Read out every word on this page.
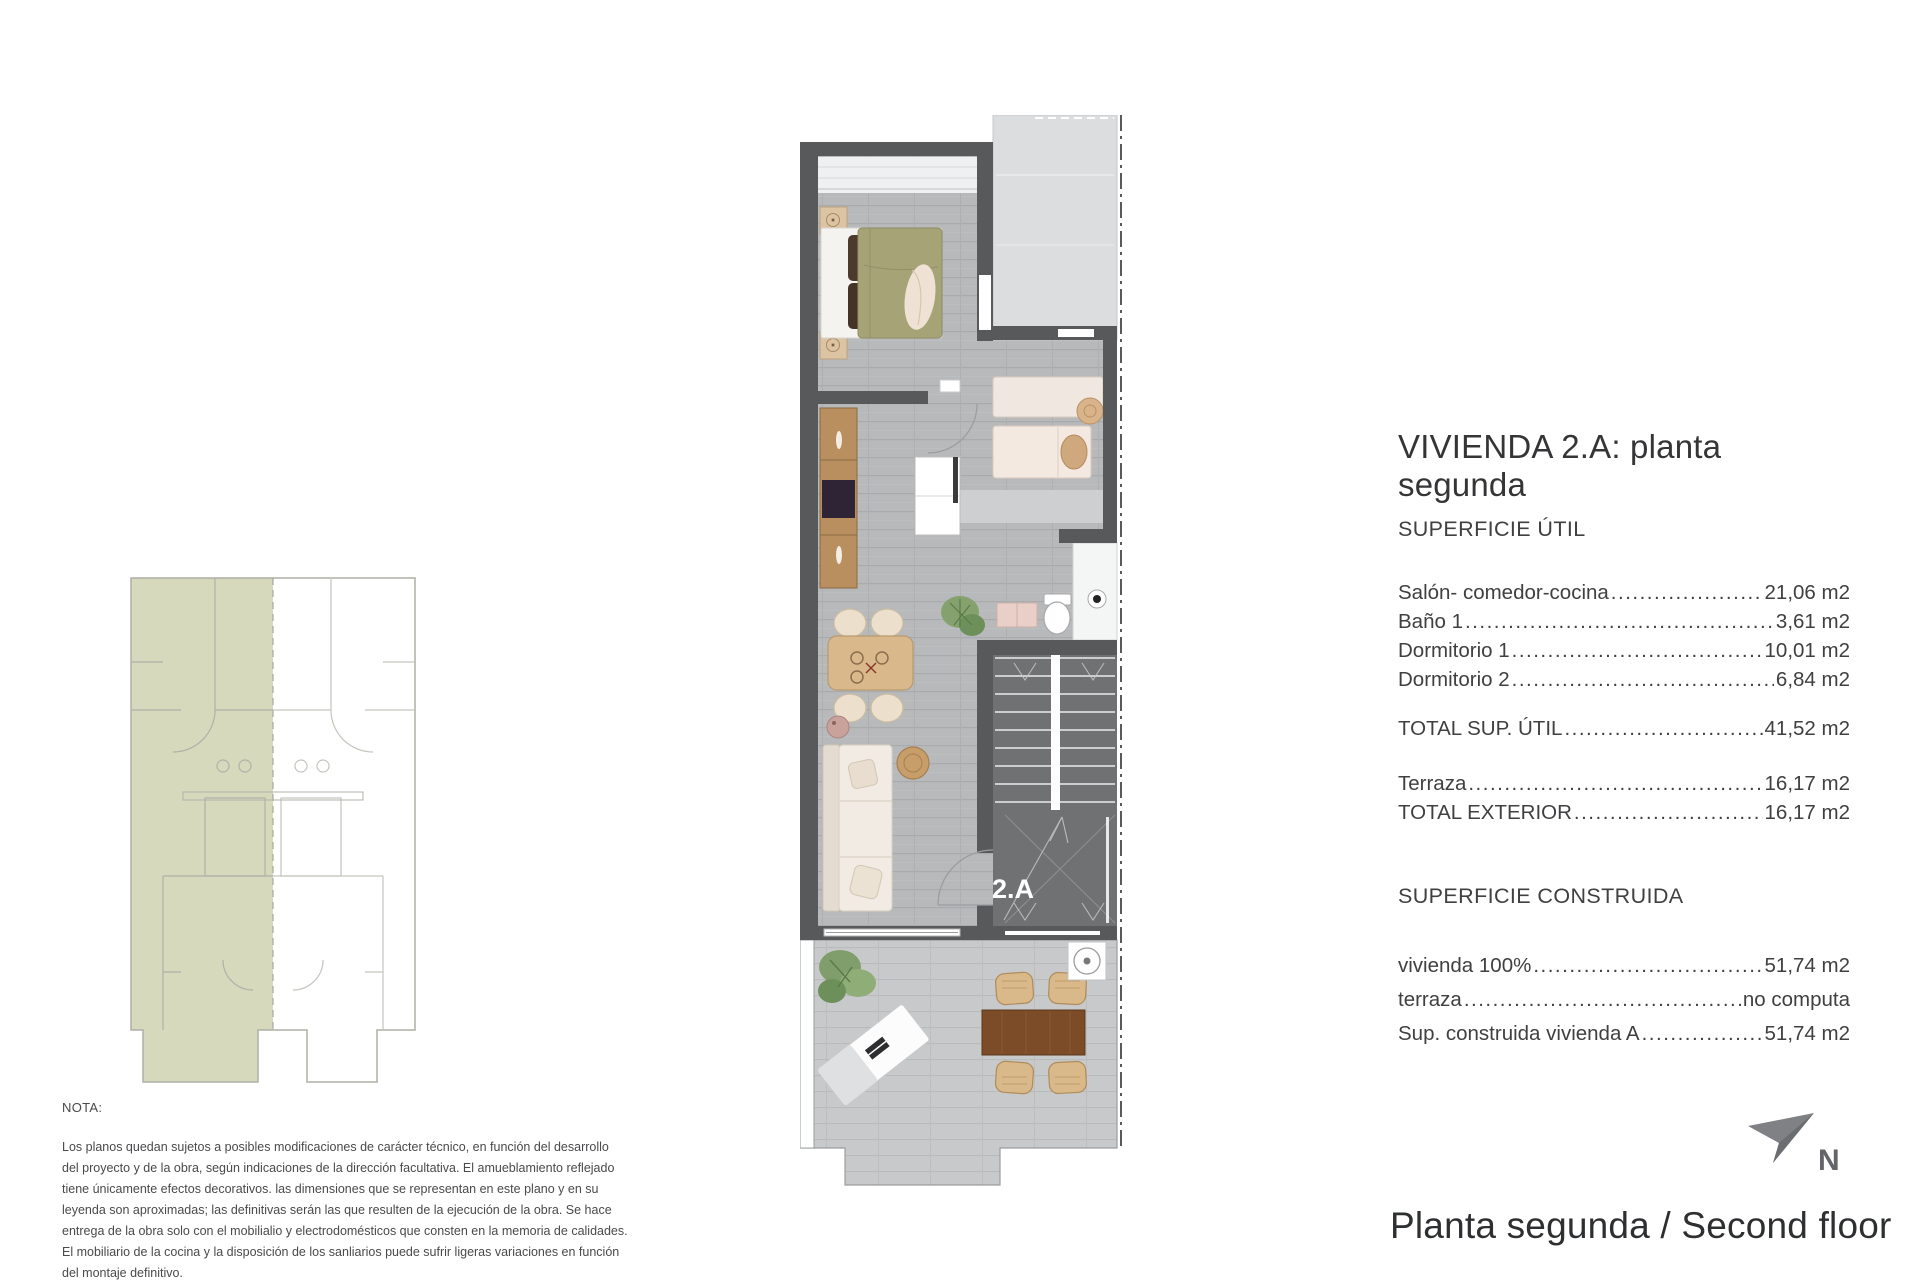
NOTA:
Los planos quedan sujetos a posibles modificaciones de carácter técnico, en función del desarrollo
del proyecto y de la obra, según indicaciones de la dirección facultativa. El amueblamiento reflejado
tiene únicamente efectos decorativos. las dimensiones que se representan en este plano y en su
leyenda son aproximadas; las definitivas serán las que resulten de la ejecución de la obra. Se hace
entrega de la obra solo con el mobilialio y electrodomésticos que consten en la memoria de calidades.
El mobiliario de la cocina y la disposición de los sanliarios puede sufrir ligeras variaciones en función
del montaje definitivo.
2.A
VIVIENDA 2.A: planta segunda
SUPERFICIE ÚTIL
Salón- comedor-cocina .....	21,06 m2
Baño 1 .....	3,61 m2
Dormitorio 1 .....	10,01 m2
Dormitorio 2 .....	6,84 m2
TOTAL SUP. ÚTIL .....	41,52 m2
Terraza .....	16,17 m2
TOTAL EXTERIOR .....	16,17 m2
SUPERFICIE CONSTRUIDA
vivienda 100% .....	51,74 m2
terraza .....	no computa
Sup. construida vivienda A .....	51,74 m2
N
Planta segunda / Second floor
